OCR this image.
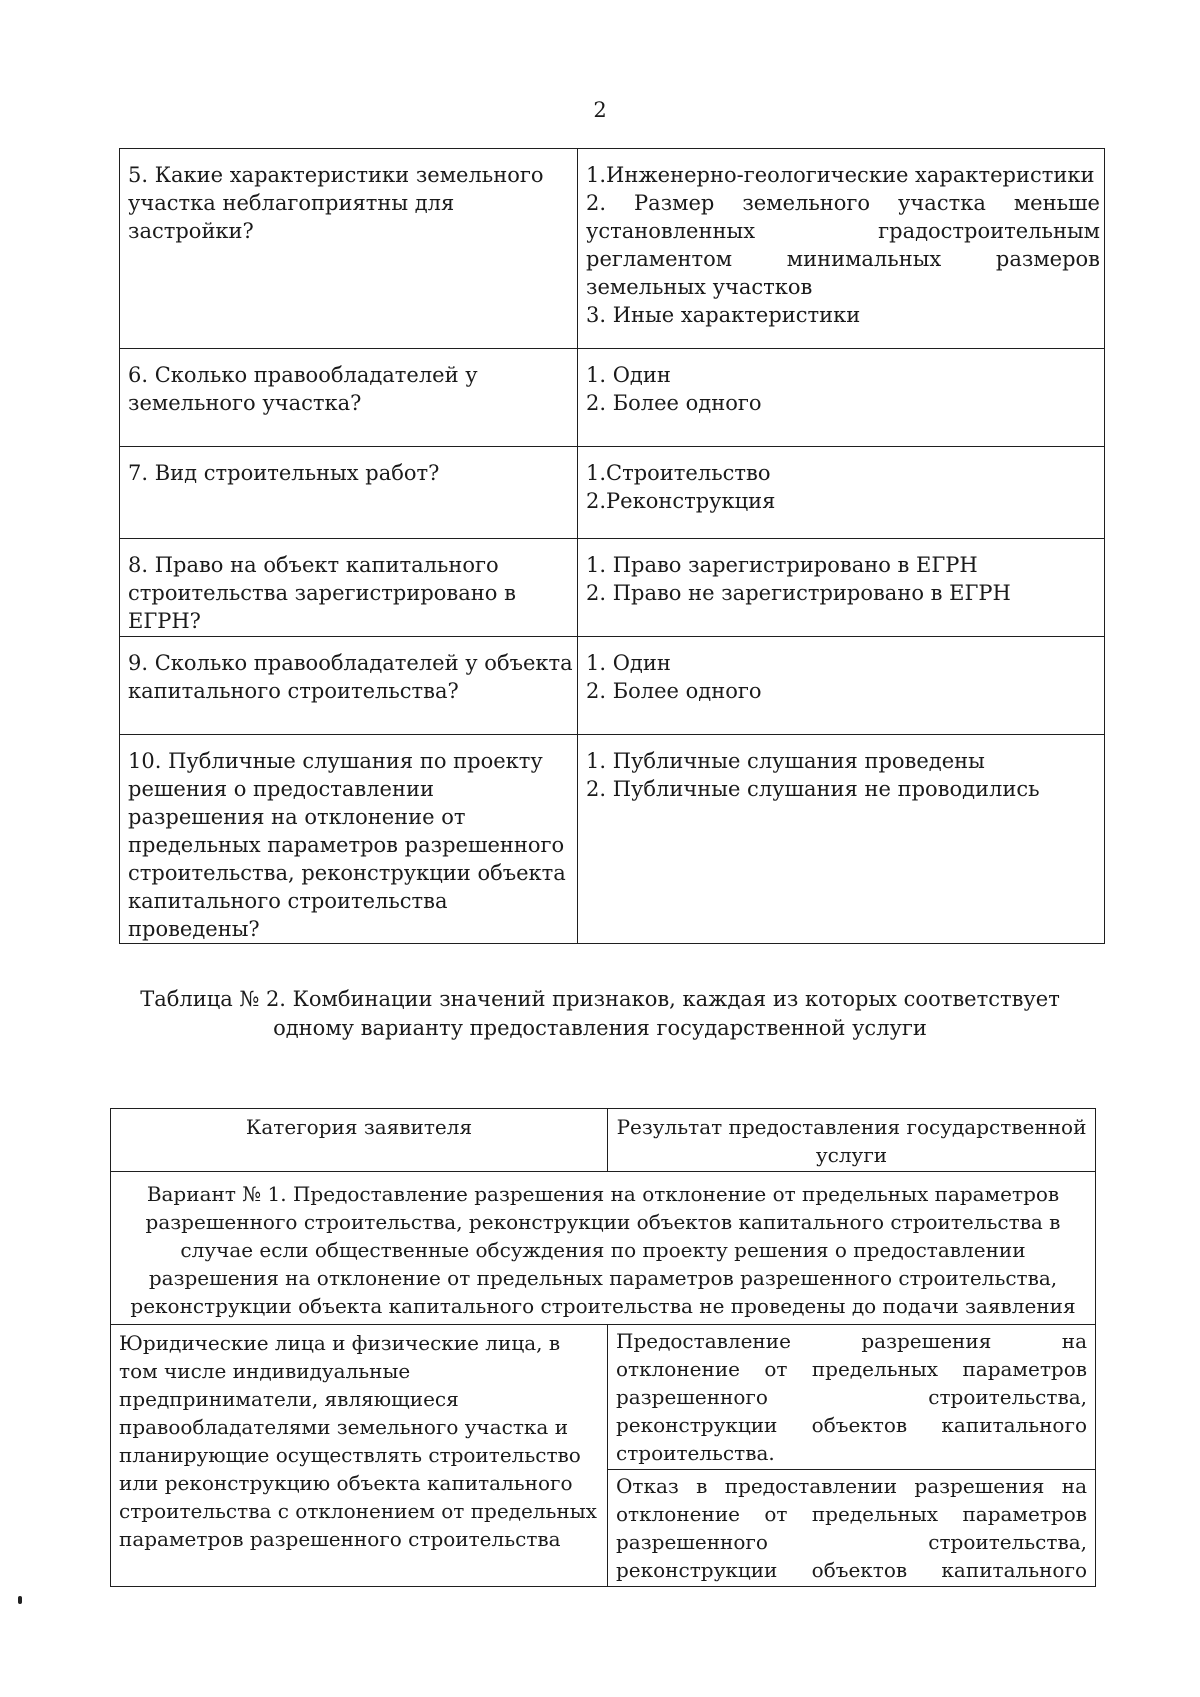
2
5. Какие характеристики земельного участка неблагоприятны для застройки?	1.Инженерно-геологические характеристики
2. Размер земельного участка меньше установленных градостроительным регламентом минимальных размеров земельных участков
3. Иные характеристики

6. Сколько правообладателей у земельного участка?	1. Один
2. Более одного

7. Вид строительных работ?	1.Строительство
2.Реконструкция

8. Право на объект капитального строительства зарегистрировано в ЕГРН?	1. Право зарегистрировано в ЕГРН
2. Право не зарегистрировано в ЕГРН

9. Сколько правообладателей у объекта капитального строительства?	1. Один
2. Более одного

10. Публичные слушания по проекту решения о предоставлении разрешения на отклонение от предельных параметров разрешенного строительства, реконструкции объекта капитального строительства проведены?	1. Публичные слушания проведены
2. Публичные слушания не проводились
Таблица № 2. Комбинации значений признаков, каждая из которых соответствует одному варианту предоставления государственной услуги
Категория заявителя	Результат предоставления государственной услуги
Вариант № 1. Предоставление разрешения на отклонение от предельных параметров разрешенного строительства, реконструкции объектов капитального строительства в случае если общественные обсуждения по проекту решения о предоставлении разрешения на отклонение от предельных параметров разрешенного строительства, реконструкции объекта капитального строительства не проведены до подачи заявления	
Юридические лица и физические лица, в том числе индивидуальные предприниматели, являющиеся правообладателями земельного участка и планирующие осуществлять строительство или реконструкцию объекта капитального строительства с отклонением от предельных параметров разрешенного строительства	Предоставление разрешения на отклонение от предельных параметров разрешенного строительства, реконструкции объектов капитального строительства.
	Отказ в предоставлении разрешения на отклонение от предельных параметров разрешенного строительства, реконструкции объектов капитального
